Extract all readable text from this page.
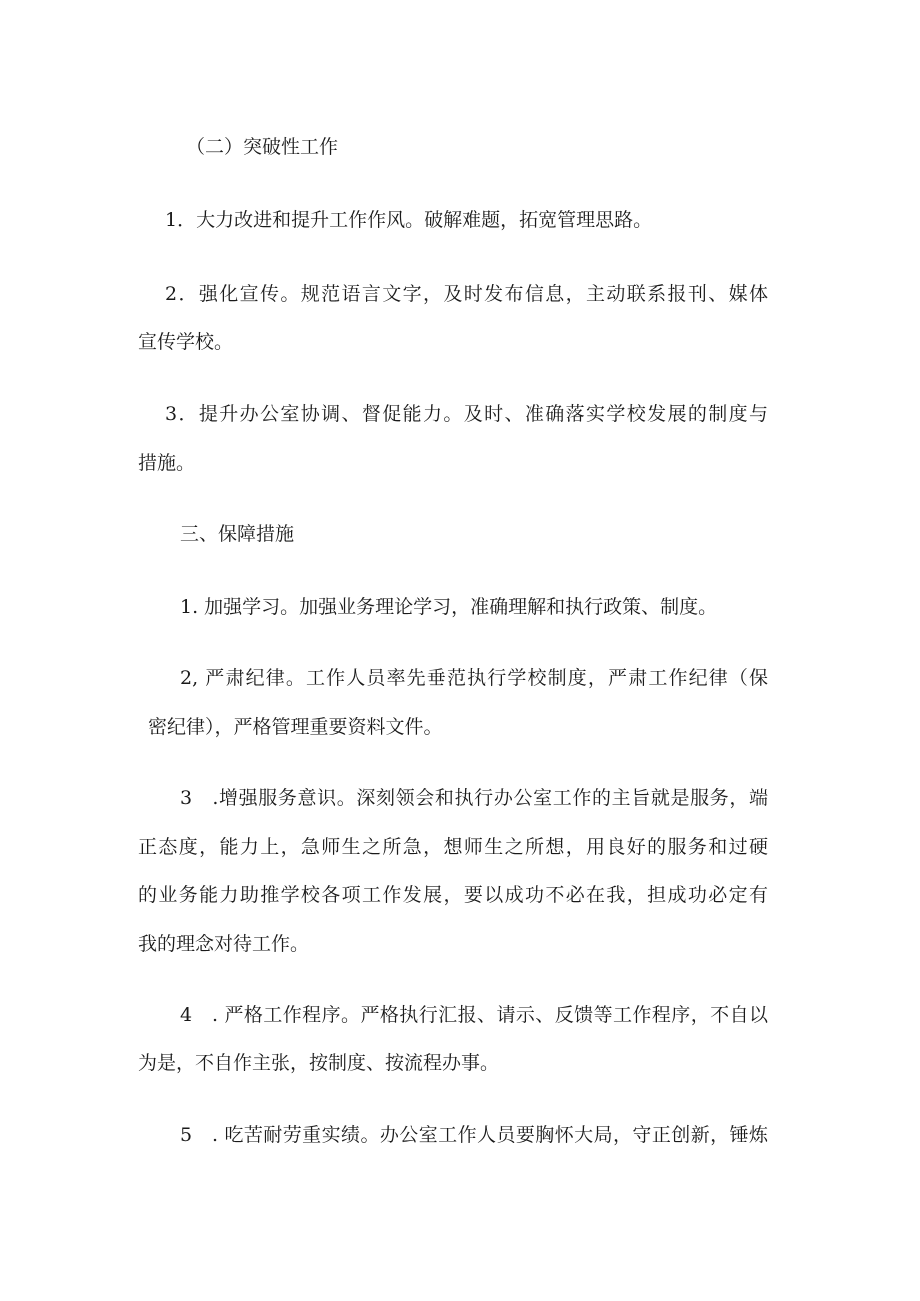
（二）突破性工作
1．大力改进和提升工作作风。破解难题，拓宽管理思路。
2．强化宣传。规范语言文字，及时发布信息，主动联系报刊、媒体
宣传学校。
3．提升办公室协调、督促能力。及时、准确落实学校发展的制度与
措施。
三、保障措施
1. 加强学习。加强业务理论学习，准确理解和执行政策、制度。
2, 严肃纪律。工作人员率先垂范执行学校制度，严肃工作纪律（保
密纪律），严格管理重要资料文件。
3　.增强服务意识。深刻领会和执行办公室工作的主旨就是服务，端
正态度，能力上，急师生之所急，想师生之所想，用良好的服务和过硬
的业务能力助推学校各项工作发展，要以成功不必在我，担成功必定有
我的理念对待工作。
4　. 严格工作程序。严格执行汇报、请示、反馈等工作程序，不自以
为是，不自作主张，按制度、按流程办事。
5　. 吃苦耐劳重实绩。办公室工作人员要胸怀大局，守正创新，锤炼
